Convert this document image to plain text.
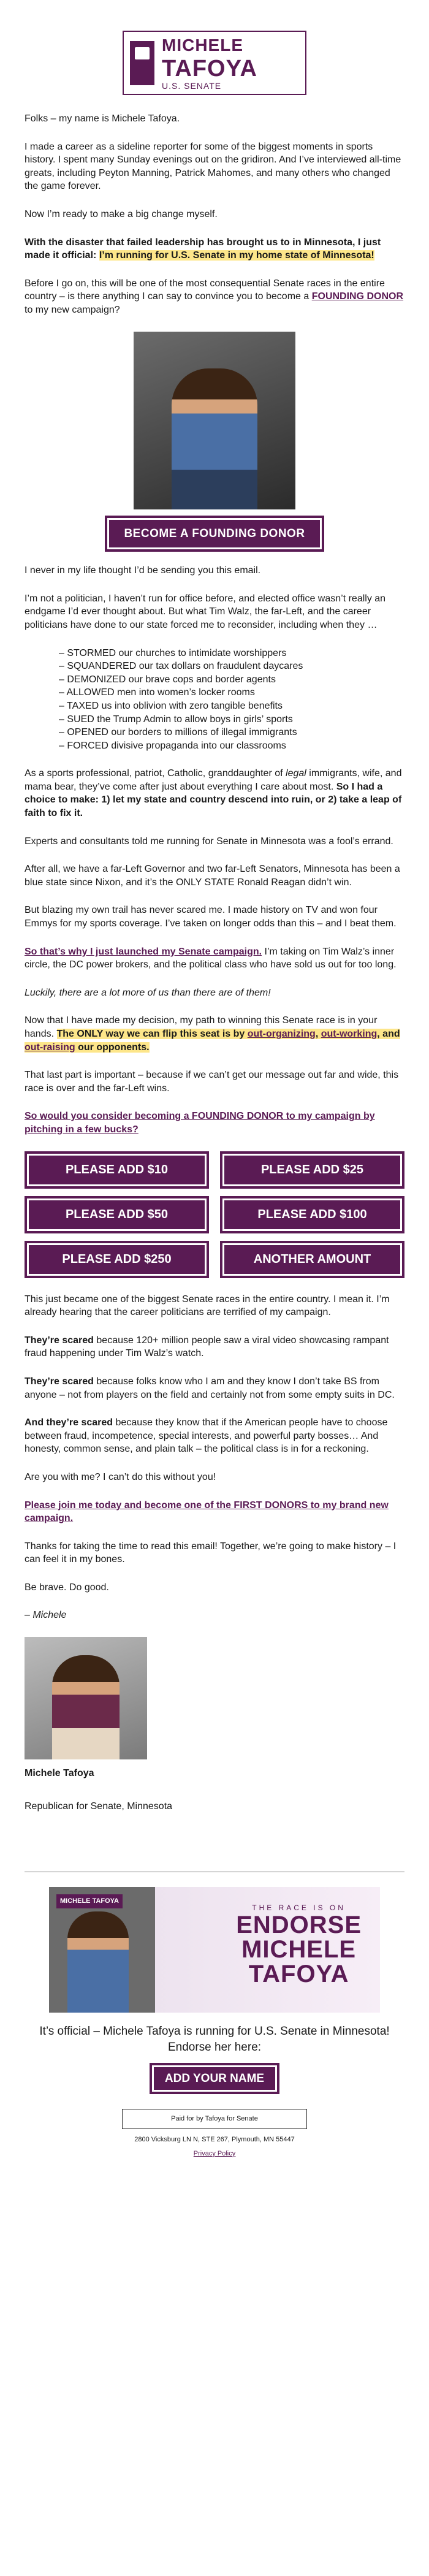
MICHELE
TAFOYA
U.S. SENATE

Folks – my name is Michele Tafoya.

I made a career as a sideline reporter for some of the biggest moments in sports history. I spent many Sunday evenings out on the gridiron. And I’ve interviewed all-time greats, including Peyton Manning, Patrick Mahomes, and many others who changed the game forever.

Now I’m ready to make a big change myself.

With the disaster that failed leadership has brought us to in Minnesota, I just made it official: I’m running for U.S. Senate in my home state of Minnesota!

Before I go on, this will be one of the most consequential Senate races in the entire country – is there anything I can say to convince you to become a FOUNDING DONOR to my new campaign?

BECOME A FOUNDING DONOR

I never in my life thought I’d be sending you this email.

I’m not a politician, I haven’t run for office before, and elected office wasn’t really an endgame I’d ever thought about. But what Tim Walz, the far-Left, and the career politicians have done to our state forced me to reconsider, including when they …

– STORMED our churches to intimidate worshippers
– SQUANDERED our tax dollars on fraudulent daycares
– DEMONIZED our brave cops and border agents
– ALLOWED men into women’s locker rooms
– TAXED us into oblivion with zero tangible benefits
– SUED the Trump Admin to allow boys in girls’ sports
– OPENED our borders to millions of illegal immigrants
– FORCED divisive propaganda into our classrooms

As a sports professional, patriot, Catholic, granddaughter of legal immigrants, wife, and mama bear, they’ve come after just about everything I care about most. So I had a choice to make: 1) let my state and country descend into ruin, or 2) take a leap of faith to fix it.

Experts and consultants told me running for Senate in Minnesota was a fool’s errand.

After all, we have a far-Left Governor and two far-Left Senators, Minnesota has been a blue state since Nixon, and it’s the ONLY STATE Ronald Reagan didn’t win.

But blazing my own trail has never scared me. I made history on TV and won four Emmys for my sports coverage. I’ve taken on longer odds than this – and I beat them.

So that’s why I just launched my Senate campaign. I’m taking on Tim Walz’s inner circle, the DC power brokers, and the political class who have sold us out for too long.

Luckily, there are a lot more of us than there are of them!

Now that I have made my decision, my path to winning this Senate race is in your hands. The ONLY way we can flip this seat is by out-organizing, out-working, and out-raising our opponents.

That last part is important – because if we can’t get our message out far and wide, this race is over and the far-Left wins.

So would you consider becoming a FOUNDING DONOR to my campaign by pitching in a few bucks?

PLEASE ADD $10	PLEASE ADD $25
PLEASE ADD $50	PLEASE ADD $100
PLEASE ADD $250	ANOTHER AMOUNT

This just became one of the biggest Senate races in the entire country. I mean it. I’m already hearing that the career politicians are terrified of my campaign.

They’re scared because 120+ million people saw a viral video showcasing rampant fraud happening under Tim Walz’s watch.

They’re scared because folks know who I am and they know I don’t take BS from anyone – not from players on the field and certainly not from some empty suits in DC.

And they’re scared because they know that if the American people have to choose between fraud, incompetence, special interests, and powerful party bosses… And honesty, common sense, and plain talk – the political class is in for a reckoning.

Are you with me? I can’t do this without you!

Please join me today and become one of the FIRST DONORS to my brand new campaign.

Thanks for taking the time to read this email! Together, we’re going to make history – I can feel it in my bones.

Be brave. Do good.

– Michele

Michele Tafoya

Republican for Senate, Minnesota

MICHELE TAFOYA
THE RACE IS ON
ENDORSE
MICHELE
TAFOYA
It’s official – Michele Tafoya is running for U.S. Senate in Minnesota! Endorse her here:
ADD YOUR NAME
Paid for by Tafoya for Senate
2800 Vicksburg LN N, STE 267, Plymouth, MN 55447
Privacy Policy
